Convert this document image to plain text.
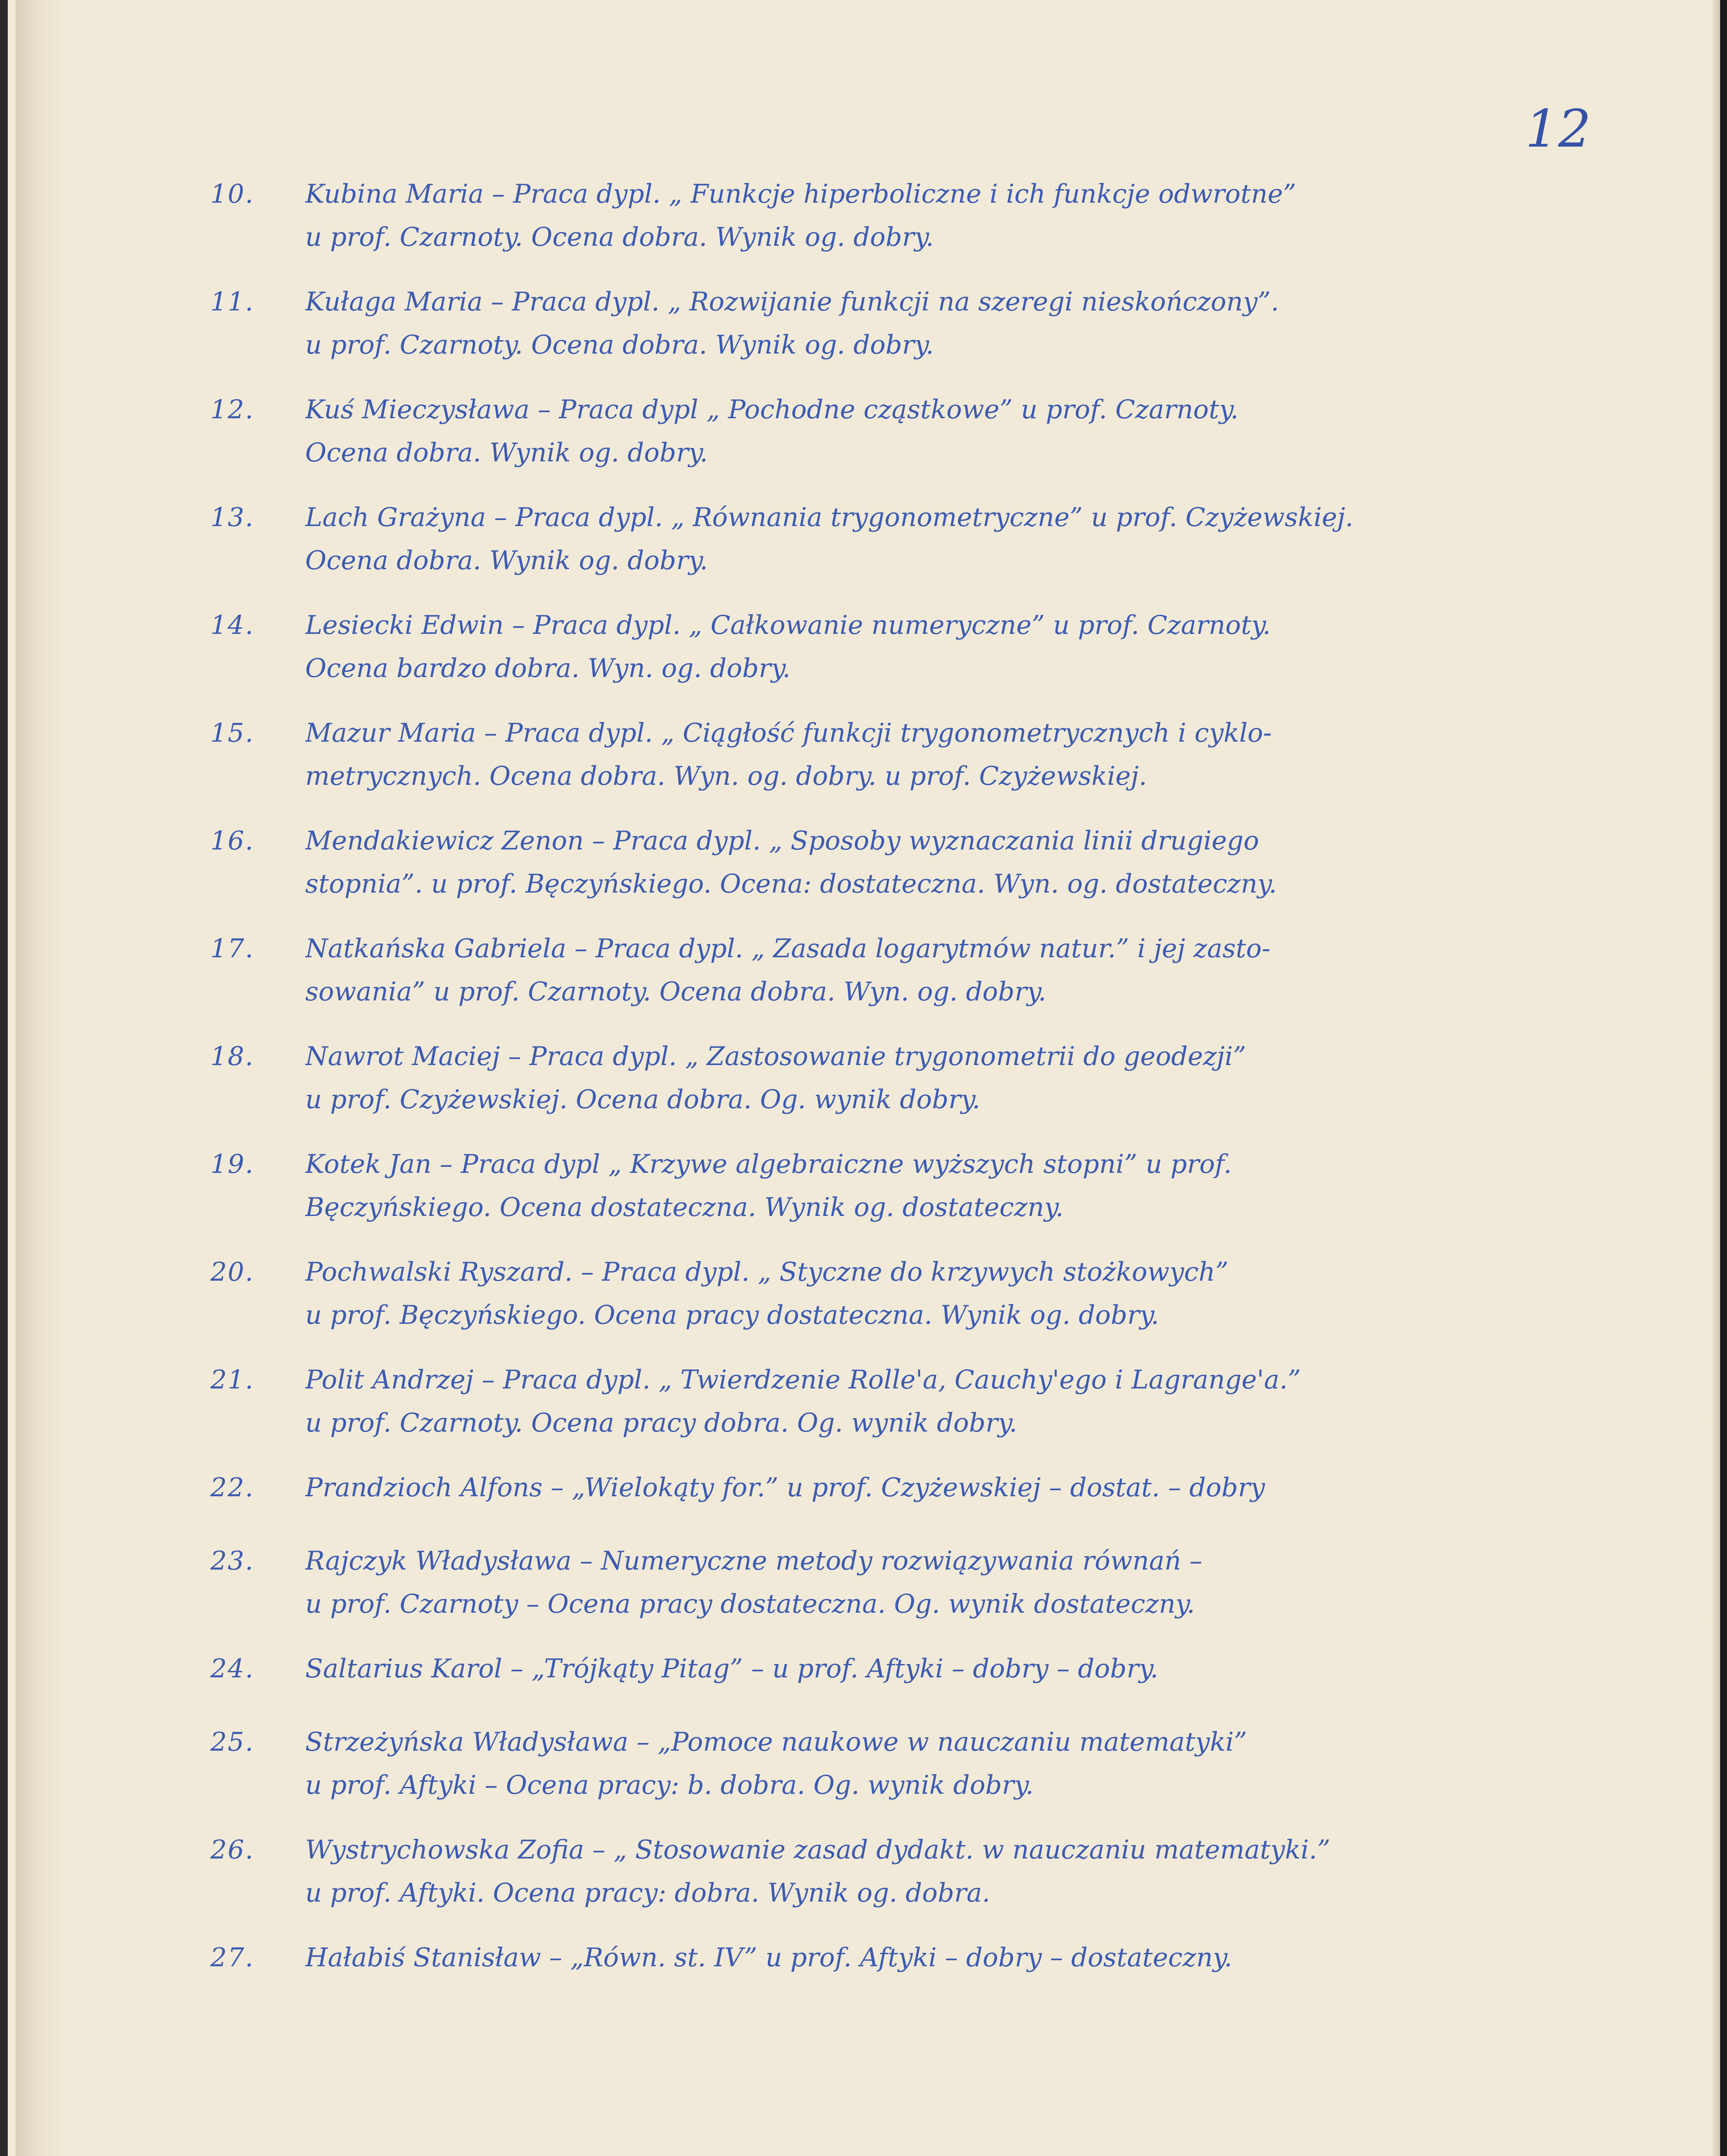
12
10. Kubina Maria – Praca dypl. „ Funkcje hiperboliczne i ich funkcje odwrotne”
u prof. Czarnoty. Ocena dobra. Wynik og. dobry.
11. Kułaga Maria – Praca dypl. „ Rozwijanie funkcji na szeregi nieskończony”.
u prof. Czarnoty. Ocena dobra. Wynik og. dobry.
12. Kuś Mieczysława – Praca dypl „ Pochodne cząstkowe” u prof. Czarnoty.
Ocena dobra. Wynik og. dobry.
13. Lach Grażyna – Praca dypl. „ Równania trygonometryczne” u prof. Czyżewskiej.
Ocena dobra. Wynik og. dobry.
14. Lesiecki Edwin – Praca dypl. „ Całkowanie numeryczne” u prof. Czarnoty.
Ocena bardzo dobra. Wyn. og. dobry.
15. Mazur Maria – Praca dypl. „ Ciągłość funkcji trygonometrycznych i cyklo-
metrycznych. Ocena dobra. Wyn. og. dobry. u prof. Czyżewskiej.
16. Mendakiewicz Zenon – Praca dypl. „ Sposoby wyznaczania linii drugiego
stopnia”. u prof. Bęczyńskiego. Ocena: dostateczna. Wyn. og. dostateczny.
17. Natkańska Gabriela – Praca dypl. „ Zasada logarytmów natur.” i jej zasto-
sowania” u prof. Czarnoty. Ocena dobra. Wyn. og. dobry.
18. Nawrot Maciej – Praca dypl. „ Zastosowanie trygonometrii do geodezji”
u prof. Czyżewskiej. Ocena dobra. Og. wynik dobry.
19. Kotek Jan – Praca dypl „ Krzywe algebraiczne wyższych stopni” u prof.
Bęczyńskiego. Ocena dostateczna. Wynik og. dostateczny.
20. Pochwalski Ryszard. – Praca dypl. „ Styczne do krzywych stożkowych”
u prof. Bęczyńskiego. Ocena pracy dostateczna. Wynik og. dobry.
21. Polit Andrzej – Praca dypl. „ Twierdzenie Rolle'a, Cauchy'ego i Lagrange'a.”
u prof. Czarnoty. Ocena pracy dobra. Og. wynik dobry.
22. Prandzioch Alfons – „Wielokąty for.” u prof. Czyżewskiej – dostat. – dobry
23. Rajczyk Władysława – Numeryczne metody rozwiązywania równań –
u prof. Czarnoty – Ocena pracy dostateczna. Og. wynik dostateczny.
24. Saltarius Karol – „Trójkąty Pitag” – u prof. Aftyki – dobry – dobry.
25. Strzeżyńska Władysława – „Pomoce naukowe w nauczaniu matematyki”
u prof. Aftyki – Ocena pracy: b. dobra. Og. wynik dobry.
26. Wystrychowska Zofia – „ Stosowanie zasad dydakt. w nauczaniu matematyki.”
u prof. Aftyki. Ocena pracy: dobra. Wynik og. dobra.
27. Hałabiś Stanisław – „Równ. st. IV” u prof. Aftyki – dobry – dostateczny.
